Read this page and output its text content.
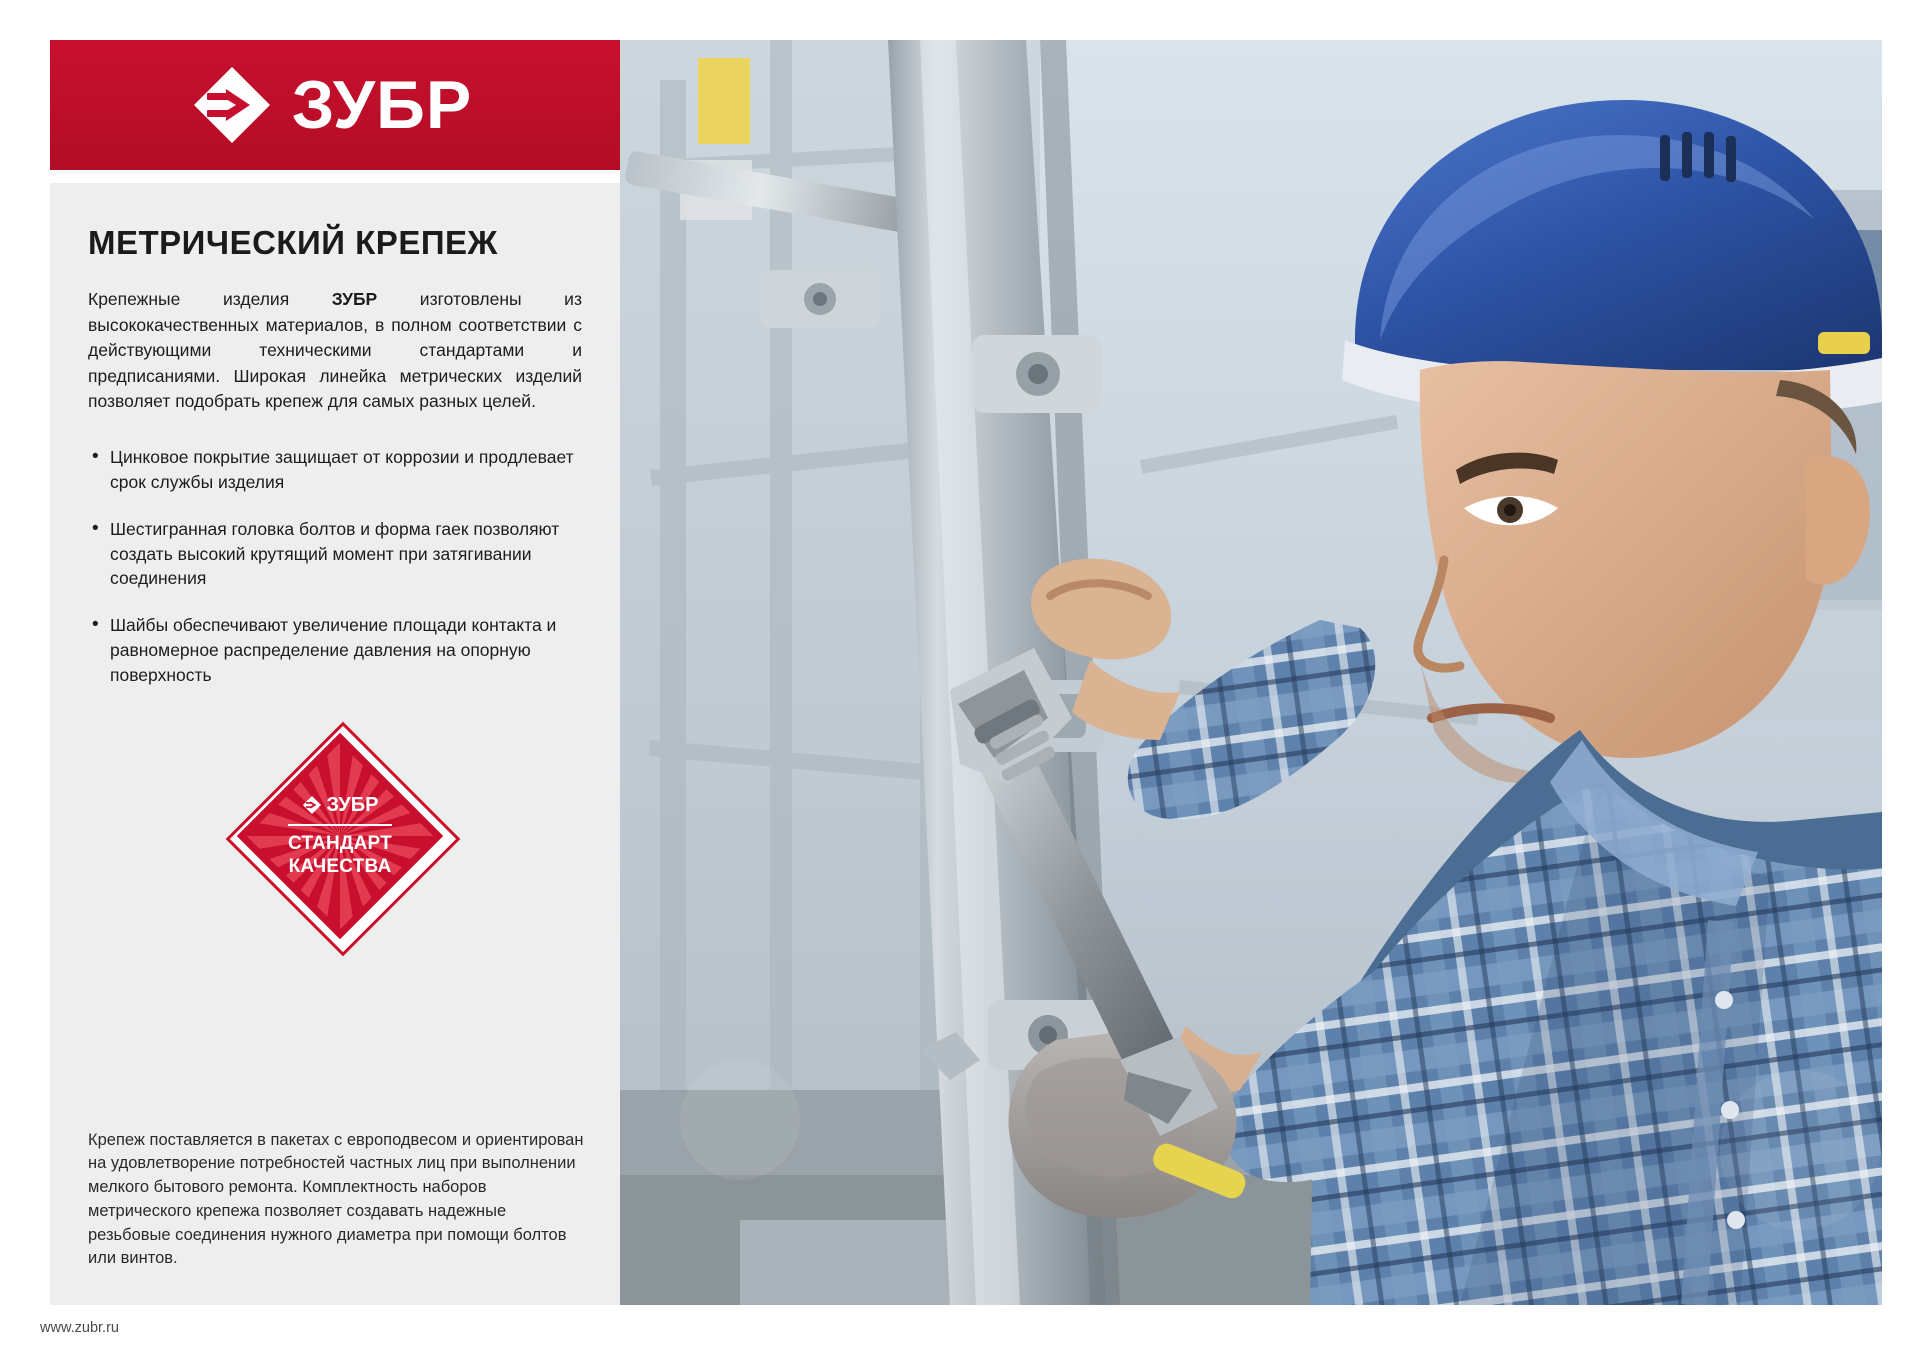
ЗУБР
МЕТРИЧЕСКИЙ КРЕПЕЖ

Крепежные изделия ЗУБР изготовлены из высококачественных материалов, в полном соответствии с действующими техническими стандартами и предписаниями. Широкая линейка метрических изделий позволяет подобрать крепеж для самых разных целей.

• Цинковое покрытие защищает от коррозии и продлевает срок службы изделия
• Шестигранная головка болтов и форма гаек позволяют создать высокий крутящий момент при затягивании соединения
• Шайбы обеспечивают увеличение площади контакта и равномерное распределение давления на опорную поверхность
ЗУБР
СТАНДАРТ
КАЧЕСТВА
Крепеж поставляется в пакетах с европодвесом и ориентирован на удовлетворение потребностей частных лиц при выполнении мелкого бытового ремонта. Комплектность наборов метрического крепежа позволяет создавать надежные резьбовые соединения нужного диаметра при помощи болтов или винтов.
www.zubr.ru
